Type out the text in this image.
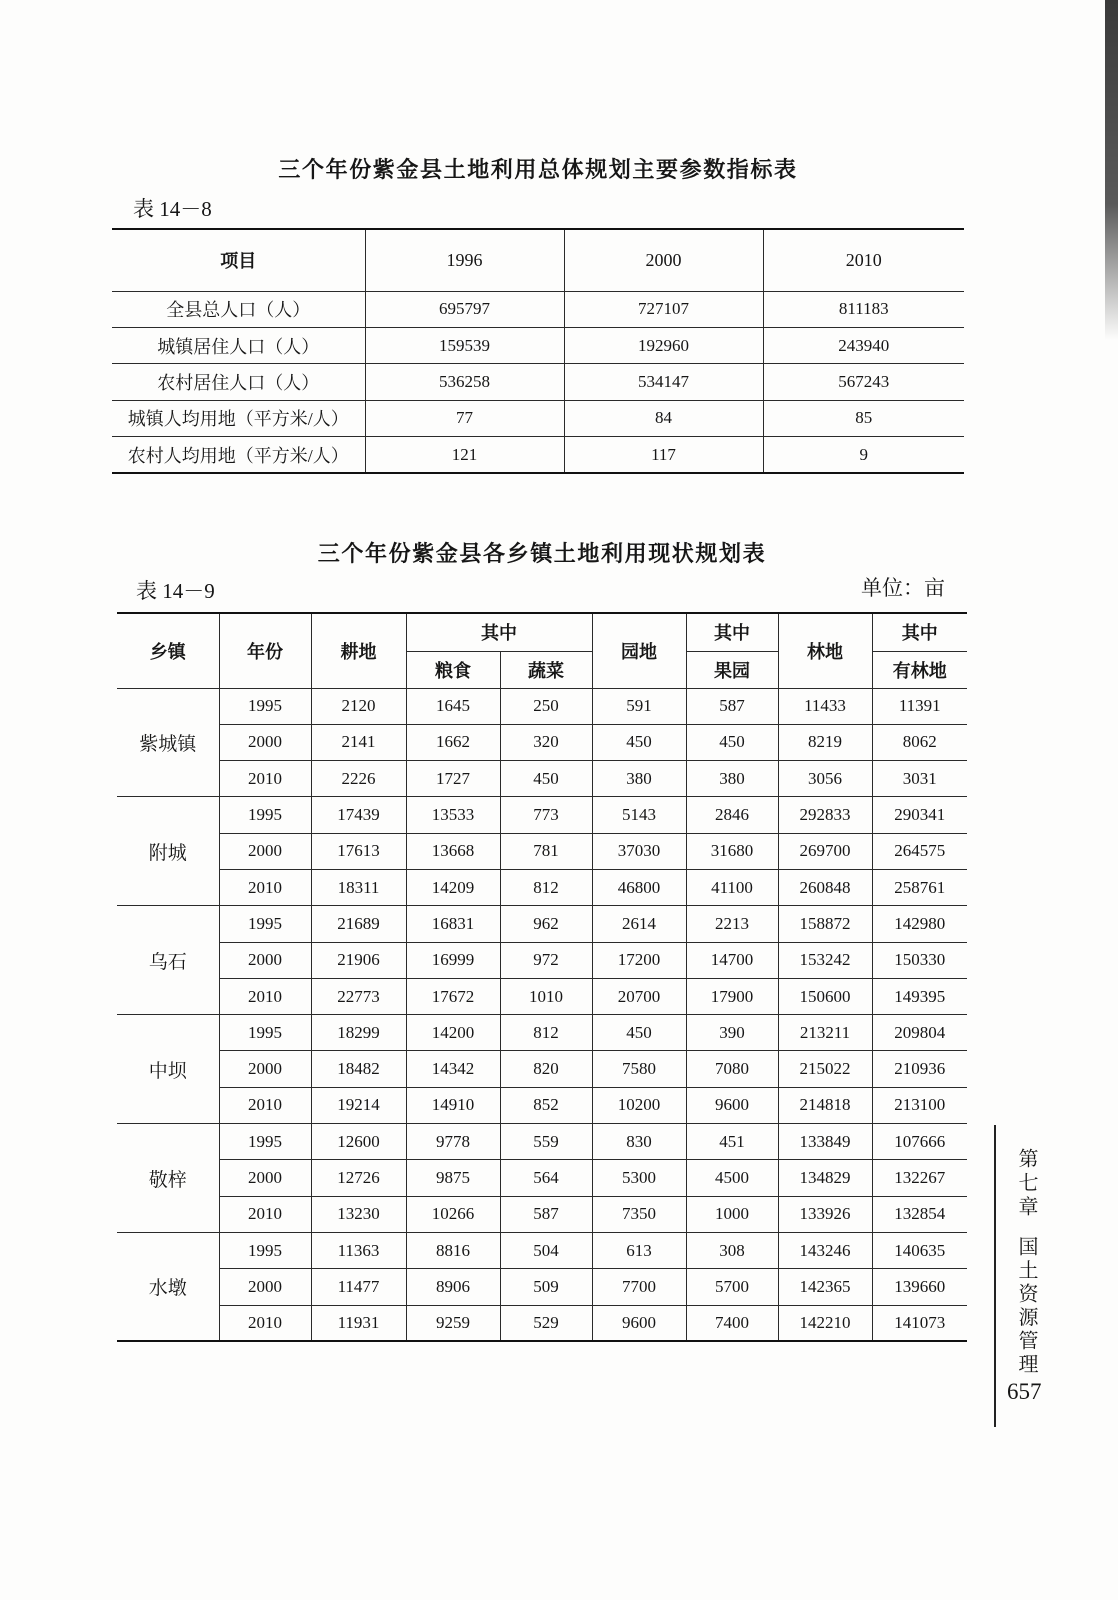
三个年份紫金县土地利用总体规划主要参数指标表
表 14－8
项目	1996	2000	2010
全县总人口（人）	695797	727107	811183
城镇居住人口（人）	159539	192960	243940
农村居住人口（人）	536258	534147	567243
城镇人均用地（平方米/人）	77	84	85
农村人均用地（平方米/人）	121	117	9
三个年份紫金县各乡镇土地利用现状规划表
表 14－9	单位：亩
乡镇	年份	耕地	其中		园地	其中	林地	其中
			粮食	蔬菜		果园		有林地
紫城镇	1995	2120	1645	250	591	587	11433	11391
	2000	2141	1662	320	450	450	8219	8062
	2010	2226	1727	450	380	380	3056	3031
附城	1995	17439	13533	773	5143	2846	292833	290341
	2000	17613	13668	781	37030	31680	269700	264575
	2010	18311	14209	812	46800	41100	260848	258761
乌石	1995	21689	16831	962	2614	2213	158872	142980
	2000	21906	16999	972	17200	14700	153242	150330
	2010	22773	17672	1010	20700	17900	150600	149395
中坝	1995	18299	14200	812	450	390	213211	209804
	2000	18482	14342	820	7580	7080	215022	210936
	2010	19214	14910	852	10200	9600	214818	213100
敬梓	1995	12600	9778	559	830	451	133849	107666
	2000	12726	9875	564	5300	4500	134829	132267
	2010	13230	10266	587	7350	1000	133926	132854
水墩	1995	11363	8816	504	613	308	143246	140635
	2000	11477	8906	509	7700	5700	142365	139660
	2010	11931	9259	529	9600	7400	142210	141073
第七章
国土资源管理
657
